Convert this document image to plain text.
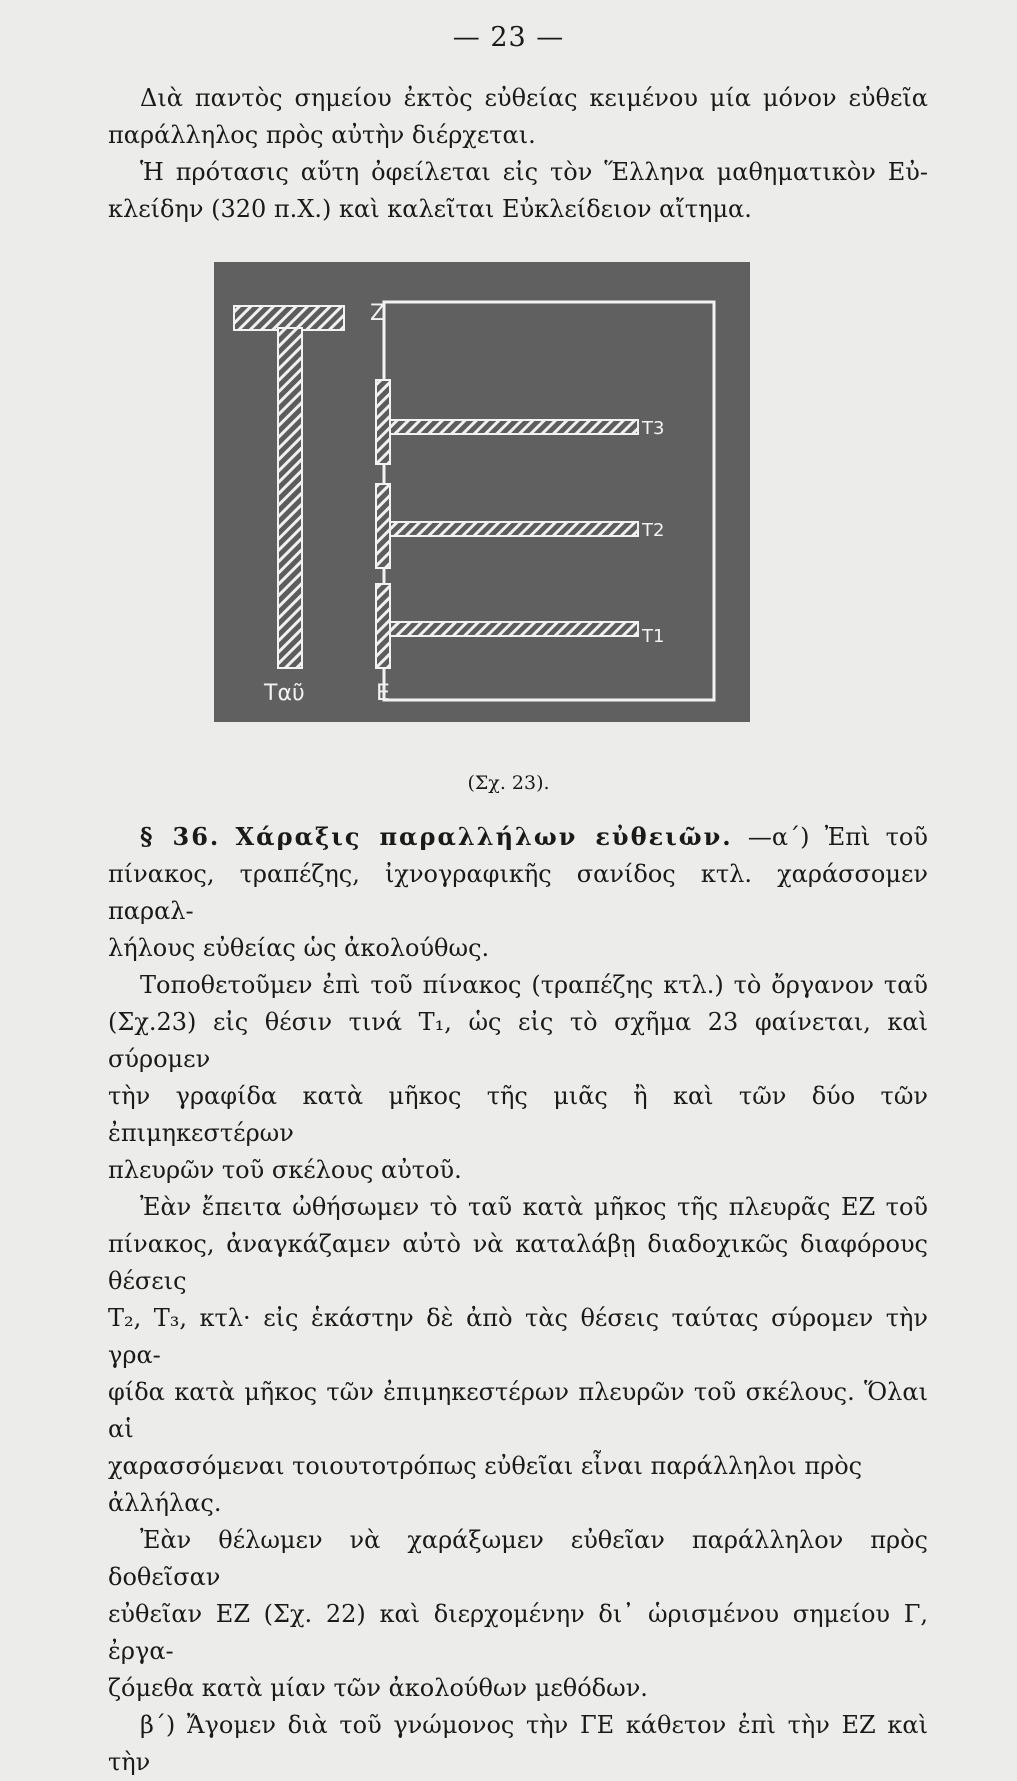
— 23 —

Διὰ παντὸς σημείου ἐκτὸς εὐθείας κειμένου μία μόνον εὐθεῖα

παράλληλος πρὸς αὐτὴν διέρχεται.

Ἡ πρότασις αὕτη ὀφείλεται εἰς τὸν Ἕλληνα μαθηματικὸν Εὐ-

κλείδην (320 π.Χ.) καὶ καλεῖται Εὐκλείδειον αἴτημα.

Z
E
Ταῦ
T3
T2
T1
(Σχ. 23).

§ 36. Χάραξις παραλλήλων εὐθειῶν. —α΄) Ἐπὶ τοῦ

πίνακος, τραπέζης, ἰχνογραφικῆς σανίδος κτλ. χαράσσομεν παραλ-

λήλους εὐθείας ὡς ἀκολούθως.

Τοποθετοῦμεν ἐπὶ τοῦ πίνακος (τραπέζης κτλ.) τὸ ὄργανον ταῦ

(Σχ.23) εἰς θέσιν τινά Τ₁, ὡς εἰς τὸ σχῆμα 23 φαίνεται, καὶ σύρομεν

τὴν γραφίδα κατὰ μῆκος τῆς μιᾶς ἢ καὶ τῶν δύο τῶν ἐπιμηκεστέρων

πλευρῶν τοῦ σκέλους αὐτοῦ.

Ἐὰν ἔπειτα ὠθήσωμεν τὸ ταῦ κατὰ μῆκος τῆς πλευρᾶς ΕΖ τοῦ

πίνακος, ἀναγκάζαμεν αὐτὸ νὰ καταλάβῃ διαδοχικῶς διαφόρους θέσεις

Τ₂, Τ₃, κτλ· εἰς ἑκάστην δὲ ἀπὸ τὰς θέσεις ταύτας σύρομεν τὴν γρα-

φίδα κατὰ μῆκος τῶν ἐπιμηκεστέρων πλευρῶν τοῦ σκέλους. Ὅλαι αἱ

χαρασσόμεναι τοιουτοτρόπως εὐθεῖαι εἶναι παράλληλοι πρὸς ἀλλήλας.

Ἐὰν θέλωμεν νὰ χαράξωμεν εὐθεῖαν παράλληλον πρὸς δοθεῖσαν

εὐθεῖαν ΕΖ (Σχ. 22) καὶ διερχομένην δι᾽ ὡρισμένου σημείου Γ, ἐργα-

ζόμεθα κατὰ μίαν τῶν ἀκολούθων μεθόδων.

β΄) Ἄγομεν διὰ τοῦ γνώμονος τὴν ΓΕ κάθετον ἐπὶ τὴν ΕΖ καὶ τὴν
